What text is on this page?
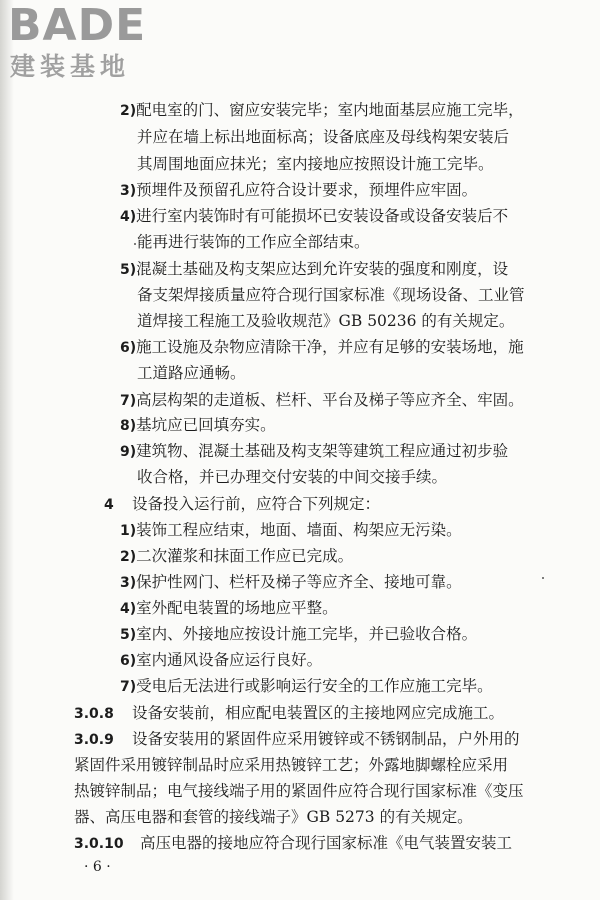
BADE
建装基地
2)配电室的门、窗应安装完毕；室内地面基层应施工完毕，
并应在墙上标出地面标高；设备底座及母线构架安装后
其周围地面应抹光；室内接地应按照设计施工完毕。
3)预埋件及预留孔应符合设计要求，预埋件应牢固。
4)进行室内装饰时有可能损坏已安装设备或设备安装后不
能再进行装饰的工作应全部结束。
5)混凝土基础及构支架应达到允许安装的强度和刚度，设
备支架焊接质量应符合现行国家标准《现场设备、工业管
道焊接工程施工及验收规范》GB 50236 的有关规定。
6)施工设施及杂物应清除干净，并应有足够的安装场地，施
工道路应通畅。
7)高层构架的走道板、栏杆、平台及梯子等应齐全、牢固。
8)基坑应已回填夯实。
9)建筑物、混凝土基础及构支架等建筑工程应通过初步验
收合格，并已办理交付安装的中间交接手续。
4 设备投入运行前，应符合下列规定：
1)装饰工程应结束，地面、墙面、构架应无污染。
2)二次灌浆和抹面工作应已完成。
3)保护性网门、栏杆及梯子等应齐全、接地可靠。
4)室外配电装置的场地应平整。
5)室内、外接地应按设计施工完毕，并已验收合格。
6)室内通风设备应运行良好。
7)受电后无法进行或影响运行安全的工作应施工完毕。
3.0.8 设备安装前，相应配电装置区的主接地网应完成施工。
3.0.9 设备安装用的紧固件应采用镀锌或不锈钢制品，户外用的
紧固件采用镀锌制品时应采用热镀锌工艺；外露地脚螺栓应采用
热镀锌制品；电气接线端子用的紧固件应符合现行国家标准《变压
器、高压电器和套管的接线端子》GB 5273 的有关规定。
3.0.10 高压电器的接地应符合现行国家标准《电气装置安装工
· 6 ·
